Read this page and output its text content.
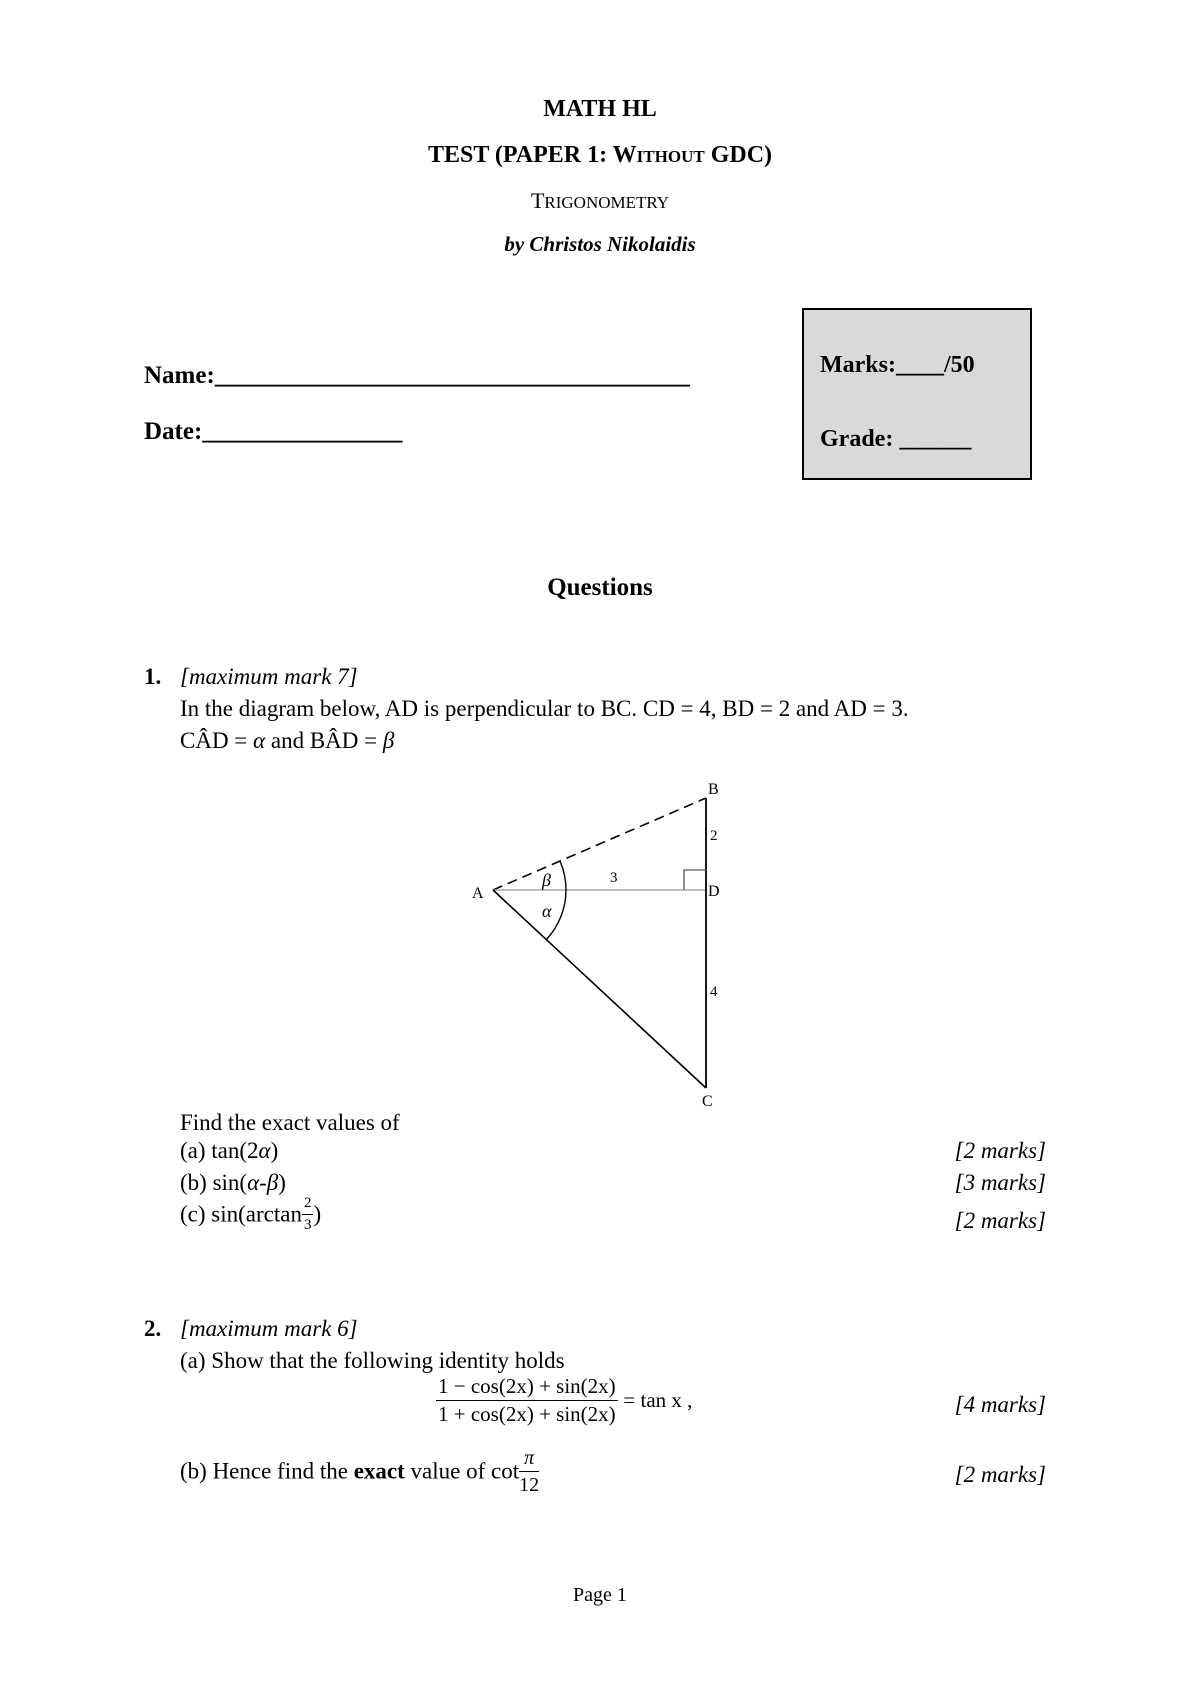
MATH HL
TEST (PAPER 1: WITHOUT GDC)
TRIGONOMETRY
by Christos Nikolaidis
Name:______________________________________
Date:________________
Marks:____/50
Grade: ______
Questions
1. [maximum mark 7]
In the diagram below, AD is perpendicular to BC. CD = 4, BD = 2 and AD = 3.
CÂD = α and BÂD = β
A
B
D
C
2
3
4
β
α
Find the exact values of
(a) tan(2α)	[2 marks]
(b) sin(α-β)	[3 marks]
(c) $\sin(\arctan \frac{2}{3}$ )	[2 marks]
2. [maximum mark 6]
(a) Show that the following identity holds
$\frac{1 - \cos(2x) + \sin(2x)}{1 + \cos(2x) + \sin(2x)} = \tan x$ ,	[4 marks]
(b) Hence find the exact value of $\cot \frac{\pi}{12}$	[2 marks]
Page 1
